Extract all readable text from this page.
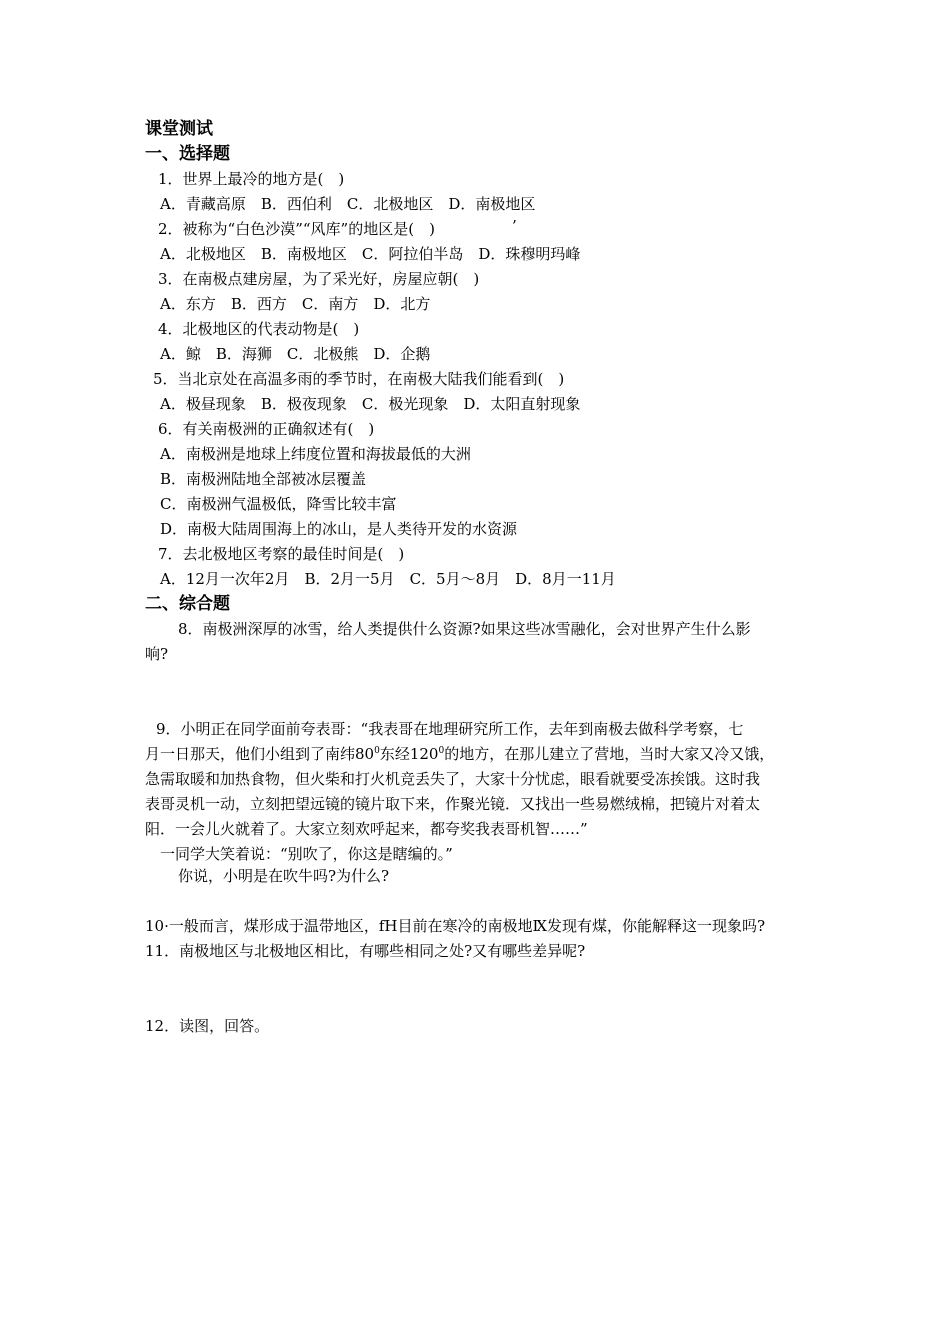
课堂测试
一、选择题
1．世界上最冷的地方是(　)
A．青藏高原　B．西伯利　C．北极地区　D．南极地区
2．被称为“白色沙漠”“风库”的地区是(　)	’
A．北极地区　B．南极地区　C．阿拉伯半岛　D．珠穆明玛峰
3．在南极点建房屋，为了采光好，房屋应朝(　)
A．东方　B．西方　C．南方　D．北方
4．北极地区的代表动物是(　)
A．鲸　B．海狮　C．北极熊　D．企鹅
5．当北京处在高温多雨的季节时，在南极大陆我们能看到(　)
A．极昼现象　B．极夜现象　C．极光现象　D．太阳直射现象
6．有关南极洲的正确叙述有(　)
A．南极洲是地球上纬度位置和海拔最低的大洲
B．南极洲陆地全部被冰层覆盖
C．南极洲气温极低，降雪比较丰富
D．南极大陆周围海上的冰山，是人类待开发的水资源
7．去北极地区考察的最佳时间是(　)
A．12月一次年2月　B．2月一5月　C．5月～8月　D．8月一11月
二、综合题
8．南极洲深厚的冰雪，给人类提供什么资源?如果这些冰雪融化，会对世界产生什么影
响?
9．小明正在同学面前夸表哥：“我表哥在地理研究所工作，去年到南极去做科学考察，七
月一日那天，他们小组到了南纬$80^0$东经$120^0$的地方，在那儿建立了营地，当时大家又冷又饿，
急需取暖和加热食物，但火柴和打火机竞丢失了，大家十分忧虑，眼看就要受冻挨饿。这时我
表哥灵机一动，立刻把望远镜的镜片取下来，作聚光镜．又找出一些易燃绒棉，把镜片对着太
阳．一会儿火就着了。大家立刻欢呼起来，都夸奖我表哥机智……”
一同学大笑着说：“别吹了，你这是瞎编的。”
你说，小明是在吹牛吗?为什么?
10·一般而言，煤形成于温带地区，fH目前在寒冷的南极地Ⅸ发现有煤，你能解释这一现象吗?
11．南极地区与北极地区相比，有哪些相同之处?又有哪些差异呢?
12．读图，回答。
